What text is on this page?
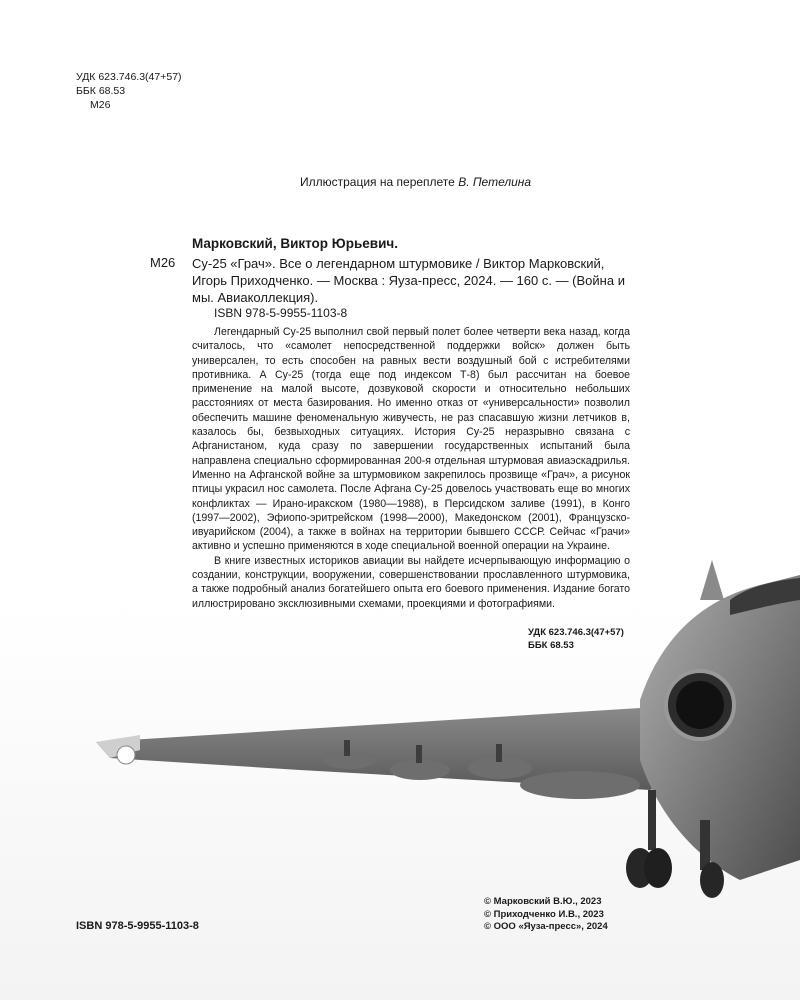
УДК 623.746.3(47+57)
ББК 68.53
М26
Иллюстрация на переплете В. Петелина
Марковский, Виктор Юрьевич.
М26 Су-25 «Грач». Все о легендарном штурмовике / Виктор Марковский, Игорь Приходченко. — Москва : Яуза-пресс, 2024. — 160 с. — (Война и мы. Авиаколлекция).
ISBN 978-5-9955-1103-8

Легендарный Су-25 выполнил свой первый полет более четверти века назад, когда считалось, что «самолет непосредственной поддержки войск» должен быть универсален, то есть способен на равных вести воздушный бой с истребителями противника. А Су-25 (тогда еще под индексом Т-8) был рассчитан на боевое применение на малой высоте, дозвуковой скорости и относительно небольших расстояниях от места базирования. Но именно отказ от «универсальности» позволил обеспечить машине феноменальную живучесть, не раз спасавшую жизни летчиков в, казалось бы, безвыходных ситуациях. История Су-25 неразрывно связана с Афганистаном, куда сразу по завершении государственных испытаний была направлена специально сформированная 200-я отдельная штурмовая авиаэскадрилья. Именно на Афганской войне за штурмовиком закрепилось прозвище «Грач», а рисунок птицы украсил нос самолета. После Афгана Су-25 довелось участвовать еще во многих конфликтах — Ирано-иракском (1980—1988), в Персидском заливе (1991), в Конго (1997—2002), Эфиопо-эритрейском (1998—2000), Македонском (2001), Французско-ивуарийском (2004), а также в войнах на территории бывшего СССР. Сейчас «Грачи» активно и успешно применяются в ходе специальной военной операции на Украине.

В книге известных историков авиации вы найдете исчерпывающую информацию о создании, конструкции, вооружении, совершенствовании прославленного штурмовика, а также подробный анализ богатейшего опыта его боевого применения. Издание богато иллюстрировано эксклюзивными схемами, проекциями и фотографиями.

УДК 623.746.3(47+57)
ББК 68.53
© Марковский В.Ю., 2023
© Приходченко И.В., 2023
© ООО «Яуза-пресс», 2024
ISBN 978-5-9955-1103-8
